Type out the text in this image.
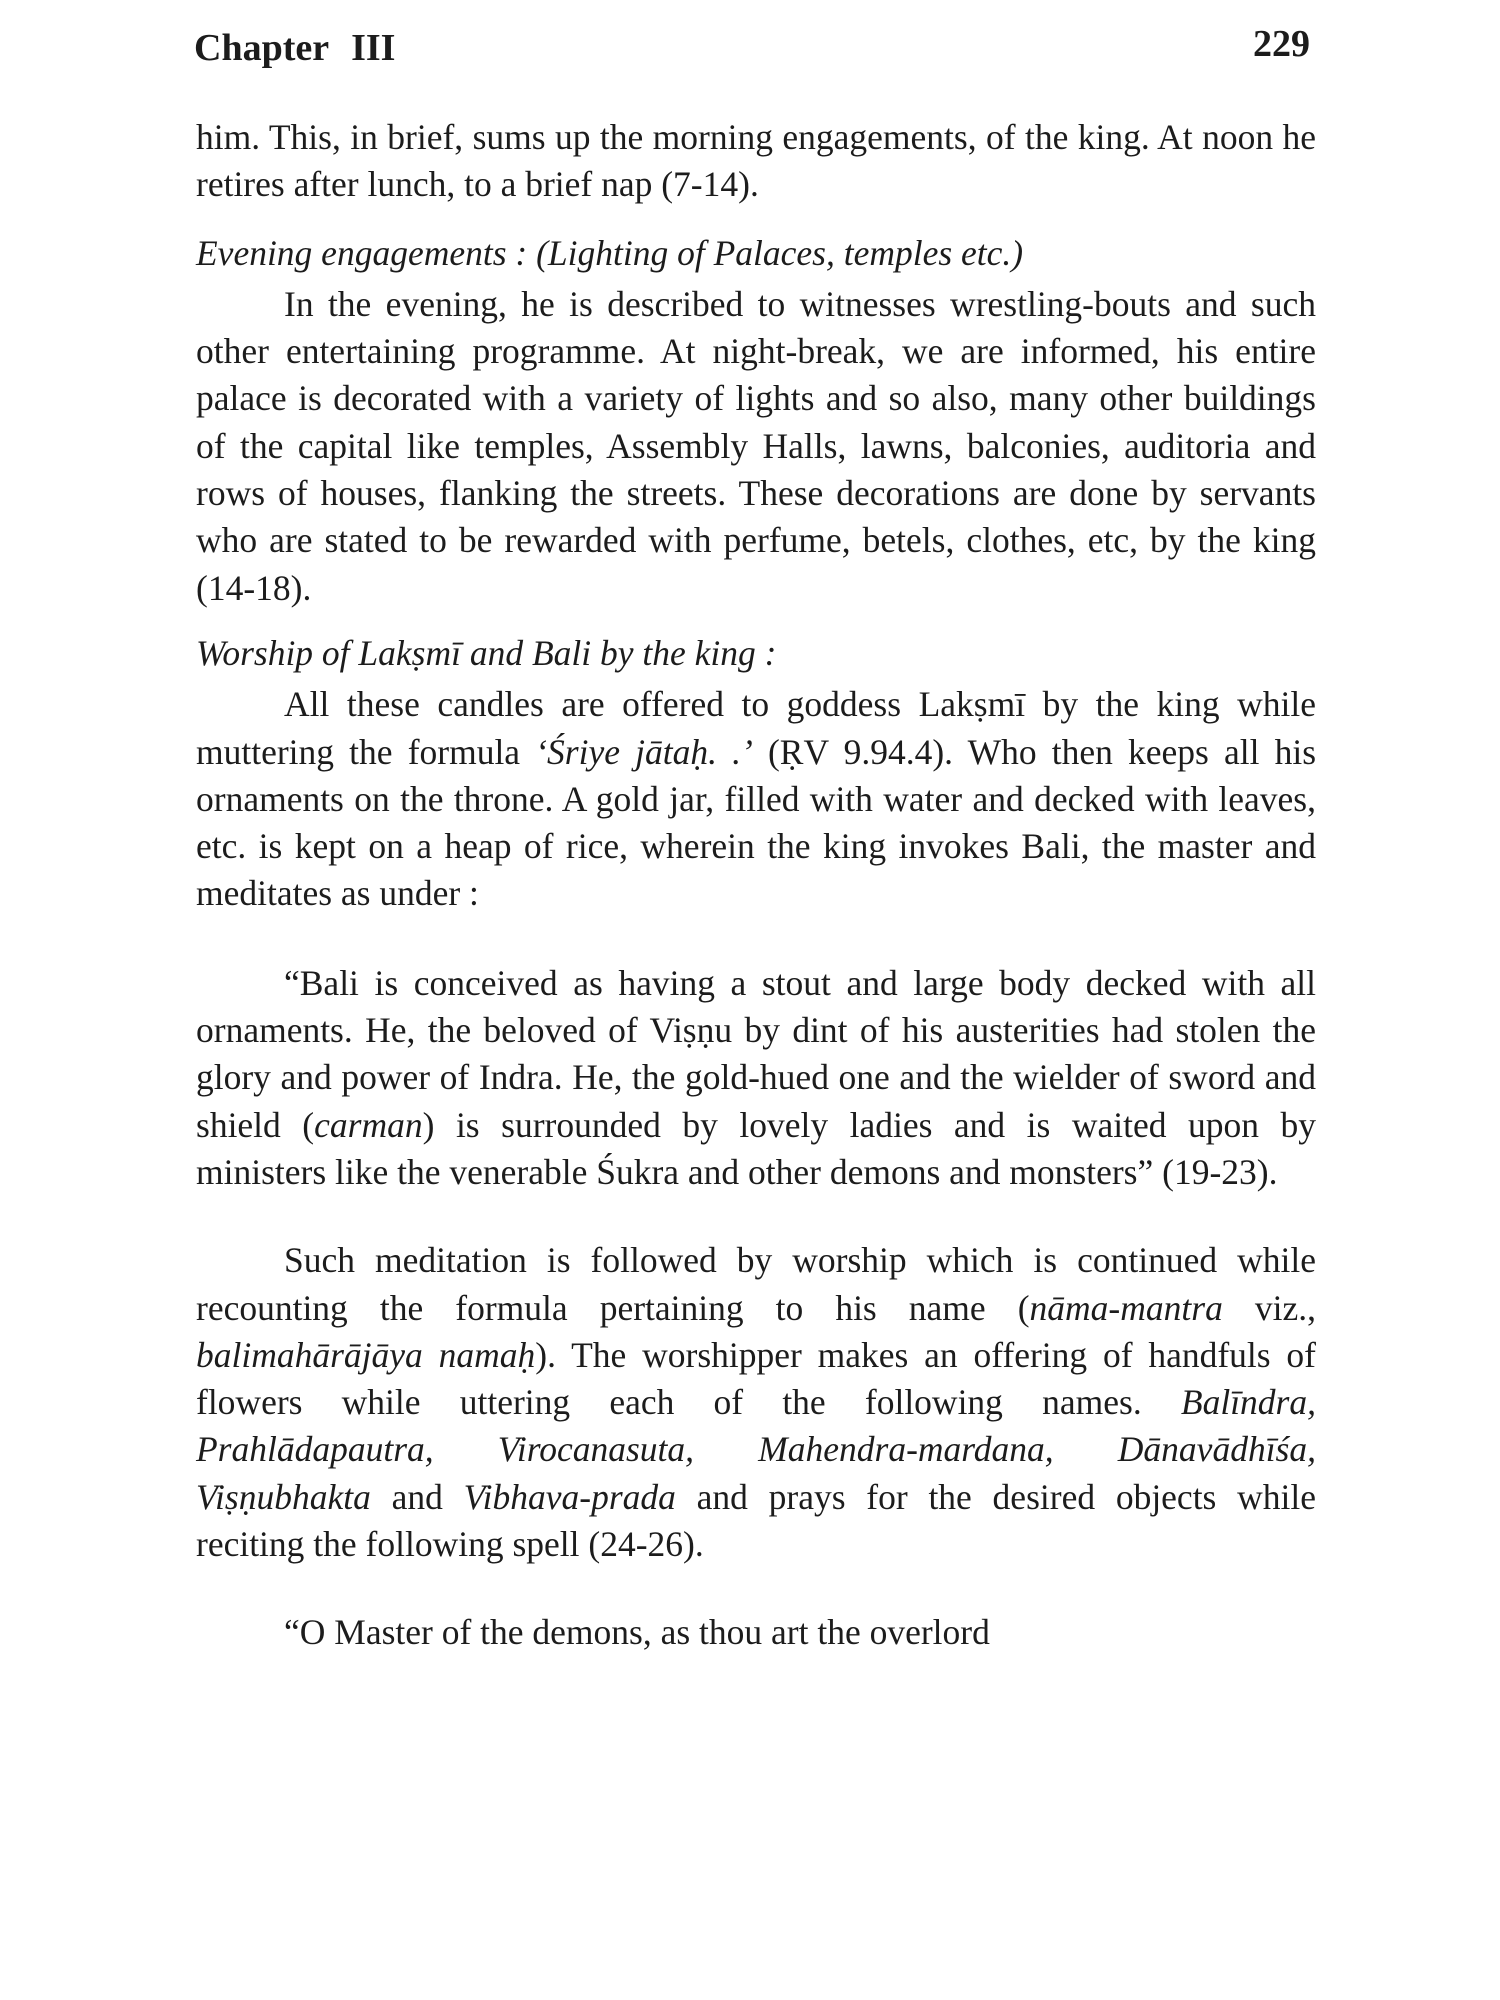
Chapter III	229

him. This, in brief, sums up the morning engagements, of the king. At noon he retires after lunch, to a brief nap (7-14).

Evening engagements : (Lighting of Palaces, temples etc.)

In the evening, he is described to witnesses wrestling-bouts and such other entertaining programme. At night-break, we are informed, his entire palace is decorated with a variety of lights and so also, many other buildings of the capital like temples, Assembly Halls, lawns, balconies, auditoria and rows of houses, flanking the streets. These decorations are done by servants who are stated to be rewarded with perfume, betels, clothes, etc, by the king (14-18).

Worship of Lakṣmī and Bali by the king :

All these candles are offered to goddess Lakṣmī by the king while muttering the formula ‘Śriye jātaḥ. .’ (ṚV 9.94.4). Who then keeps all his ornaments on the throne. A gold jar, filled with water and decked with leaves, etc. is kept on a heap of rice, wherein the king invokes Bali, the master and meditates as under :

“Bali is conceived as having a stout and large body decked with all ornaments. He, the beloved of Viṣṇu by dint of his austerities had stolen the glory and power of Indra. He, the gold-hued one and the wielder of sword and shield (carman) is surrounded by lovely ladies and is waited upon by ministers like the venerable Śukra and other demons and monsters” (19-23).

Such meditation is followed by worship which is continued while recounting the formula pertaining to his name (nāma-mantra viz., balimahārājāya namaḥ). The worshipper makes an offering of handfuls of flowers while uttering each of the following names. Balīndra, Prahlādapautra, Virocanasuta, Mahendra-mardana, Dānavādhīśa, Viṣṇubhakta and Vibhava-prada and prays for the desired objects while reciting the following spell (24-26).

“O Master of the demons, as thou art the overlord
